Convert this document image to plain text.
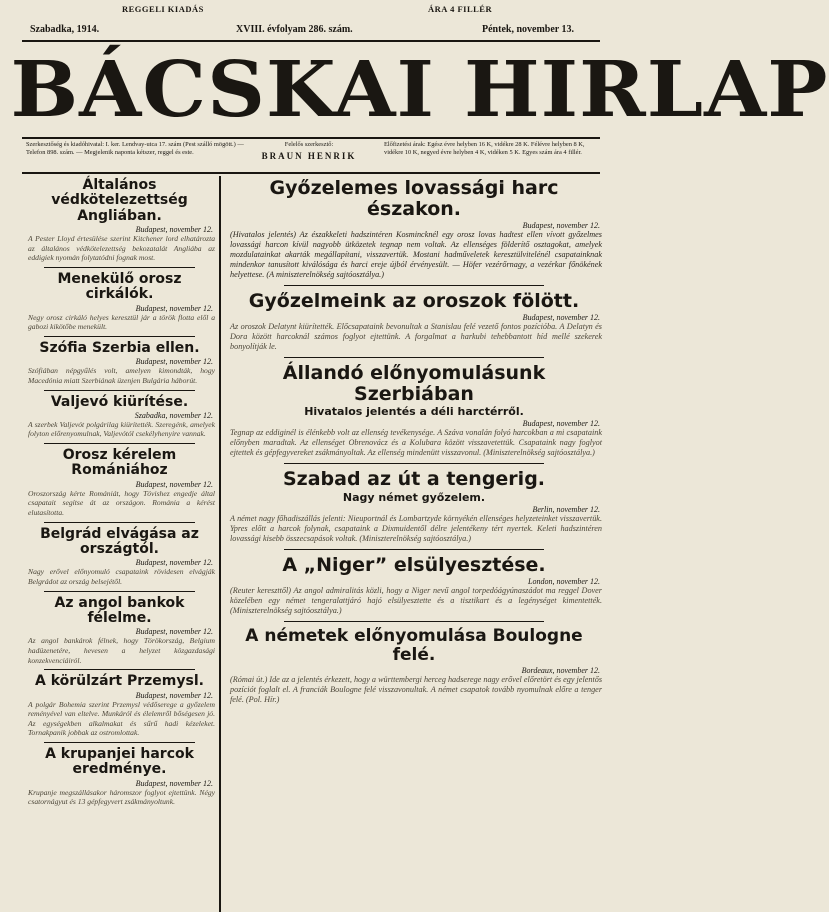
REGGELI KIADÁS	ÁRA 4 FILLÉR
Szabadka, 1914.	XVIII. évfolyam 286. szám.	Péntek, november 13.
BÁCSKAI HIRLAP
Szerkesztőség és kiadóhivatal: I. ker. Lendvay-utca 17. szám (Pest szálló mögött.) — Telefon 898. szám. — Megjelenik naponta kétszer, reggel és este.
Felelős szerkesztő:
BRAUN HENRIK
Előfizetési árak: Egész évre helyben 16 K, vidékre 28 K. Félévre helyben 8 K, vidékre 10 K, negyed évre helyben 4 K, vidéken 5 K. Egyes szám ára 4 fillér.

Általános védkötelezettség Angliában.

Budapest, november 12.

A Pester Lloyd értesülése szerint Kitchener lord elhatározta az általános védkötelezettség bekozatalát Angliába az eddigiek nyomán folytatódni fognak most.

Menekülő orosz cirkálók.

Budapest, november 12.

Negy orosz cirkáló helyes keresztül jár a török flotta elől a gabozi kikötőbe menekült.

Szófia Szerbia ellen.

Budapest, november 12.

Szófiában népgyűlés volt, amelyen kimondták, hogy Macedónia miatt Szerbiának üzenjen Bulgária háborút.

Valjevó kiürítése.

Szabadka, november 12.

A szerbek Valjevót polgárilag kiürítették. Szeregénk, amelyek folyton előrenyomulnak, Valjevótól csekélyhenyire vannak.

Orosz kérelem Romániához

Budapest, november 12.

Oroszország kérte Romániát, hogy Tövishez engedje által csapatait segítse át az országon. Románia a kérést elutasította.

Belgrád elvágása az országtól.

Budapest, november 12.

Nagy erővel előnyomuló csapataink rövidesen elvágják Belgrádot az ország belsejétől.

Az angol bankok félelme.

Budapest, november 12.

Az angol bankárok félnek, hogy Törökország, Belgium hadüzenetére, hevesen a helyzet közgazdasági konzekvenciáiról.

A körülzárt Przemysl.

Budapest, november 12.

A polgár Bohemia szerint Przemysl védőserege a győzelem reményével van eltelve. Munkáról és élelemről bőségesen jó. Az egységekben alkalmakat és sűrű hadi kézeleket. Tornakpanik jobbak az ostromlottak.

A krupanjei harcok eredménye.

Budapest, november 12.

Krupanje megszállásakor háromszor foglyot ejtettünk. Négy csatornágyut és 13 gépfegyvert zsákmányoltunk.

Győzelemes lovassági harc északon.

Budapest, november 12.

(Hivatalos jelentés) Az északkeleti hadszintéren Kosmincknél egy orosz lovas hadtest ellen vívott győzelmes lovassági harcon kívül nagyobb ütközetek tegnap nem voltak. Az ellenséges földerítő osztagokat, amelyek mozdulatainkat akarták megállapítani, visszavertük. Mostani hadműveletek keresztülvitelénél csapatainknak mindenkor tanusított kiválósága és harci ereje újból érvényesült. — Höfer vezérőrnagy, a vezérkar főnökének helyettese. (A miniszterelnökség sajtóosztálya.)

Győzelmeink az oroszok fölött.

Budapest, november 12.

Az oroszok Delatynt kiürítették. Előcsapataink bevonultak a Stanislau felé vezető fontos pozícióba. A Delatyn és Dora között harcoknál számos foglyot ejtettünk. A forgalmat a harkubi tehebbantott híd mellé szekerek bonyolítják le.

Állandó előnyomulásunk Szerbiában

Hivatalos jelentés a déli harctérről.

Budapest, november 12.

Tegnap az eddiginél is élénkebb volt az ellenség tevékenysége. A Száva vonalán folyó harcokban a mi csapataink előnyben maradtak. Az ellenséget Obrenovácz és a Kolubara között visszavetettük. Csapataink nagy foglyot ejtettek és gépfegyvereket zsákmányoltak. Az ellenség mindenütt visszavonul. (Miniszterelnökség sajtóosztálya.)

Szabad az út a tengerig.

Nagy német győzelem.

Berlin, november 12.

A német nagy főhadiszállás jelenti: Nieuportnál és Lombartzyde környékén ellenséges helyzeteinket visszavertük. Ypres előtt a harcok folynak, csapataink a Dixmuidentől délre jelentékeny tért nyertek. Keleti hadszintéren lovassági kisebb összecsapások voltak. (Miniszterelnökség sajtóosztálya.)

A „Niger” elsülyesztése.

London, november 12.

(Reuter kereszttől) Az angol admiralitás közli, hogy a Niger nevű angol torpedóágyúnaszádot ma reggel Dover közelében egy német tengeralattjáró hajó elsülyesztette és a tisztikart és a legénységet kimentették. (Miniszterelnökség sajtóosztálya.)

A németek előnyomulása Boulogne felé.

Bordeaux, november 12.

(Római út.) Ide az a jelentés érkezett, hogy a württembergi herceg hadserege nagy erővel előretört és egy jelentős pozíciót foglalt el. A franciák Boulogne felé visszavonultak. A német csapatok tovább nyomulnak előre a tenger felé. (Pol. Hír.)
